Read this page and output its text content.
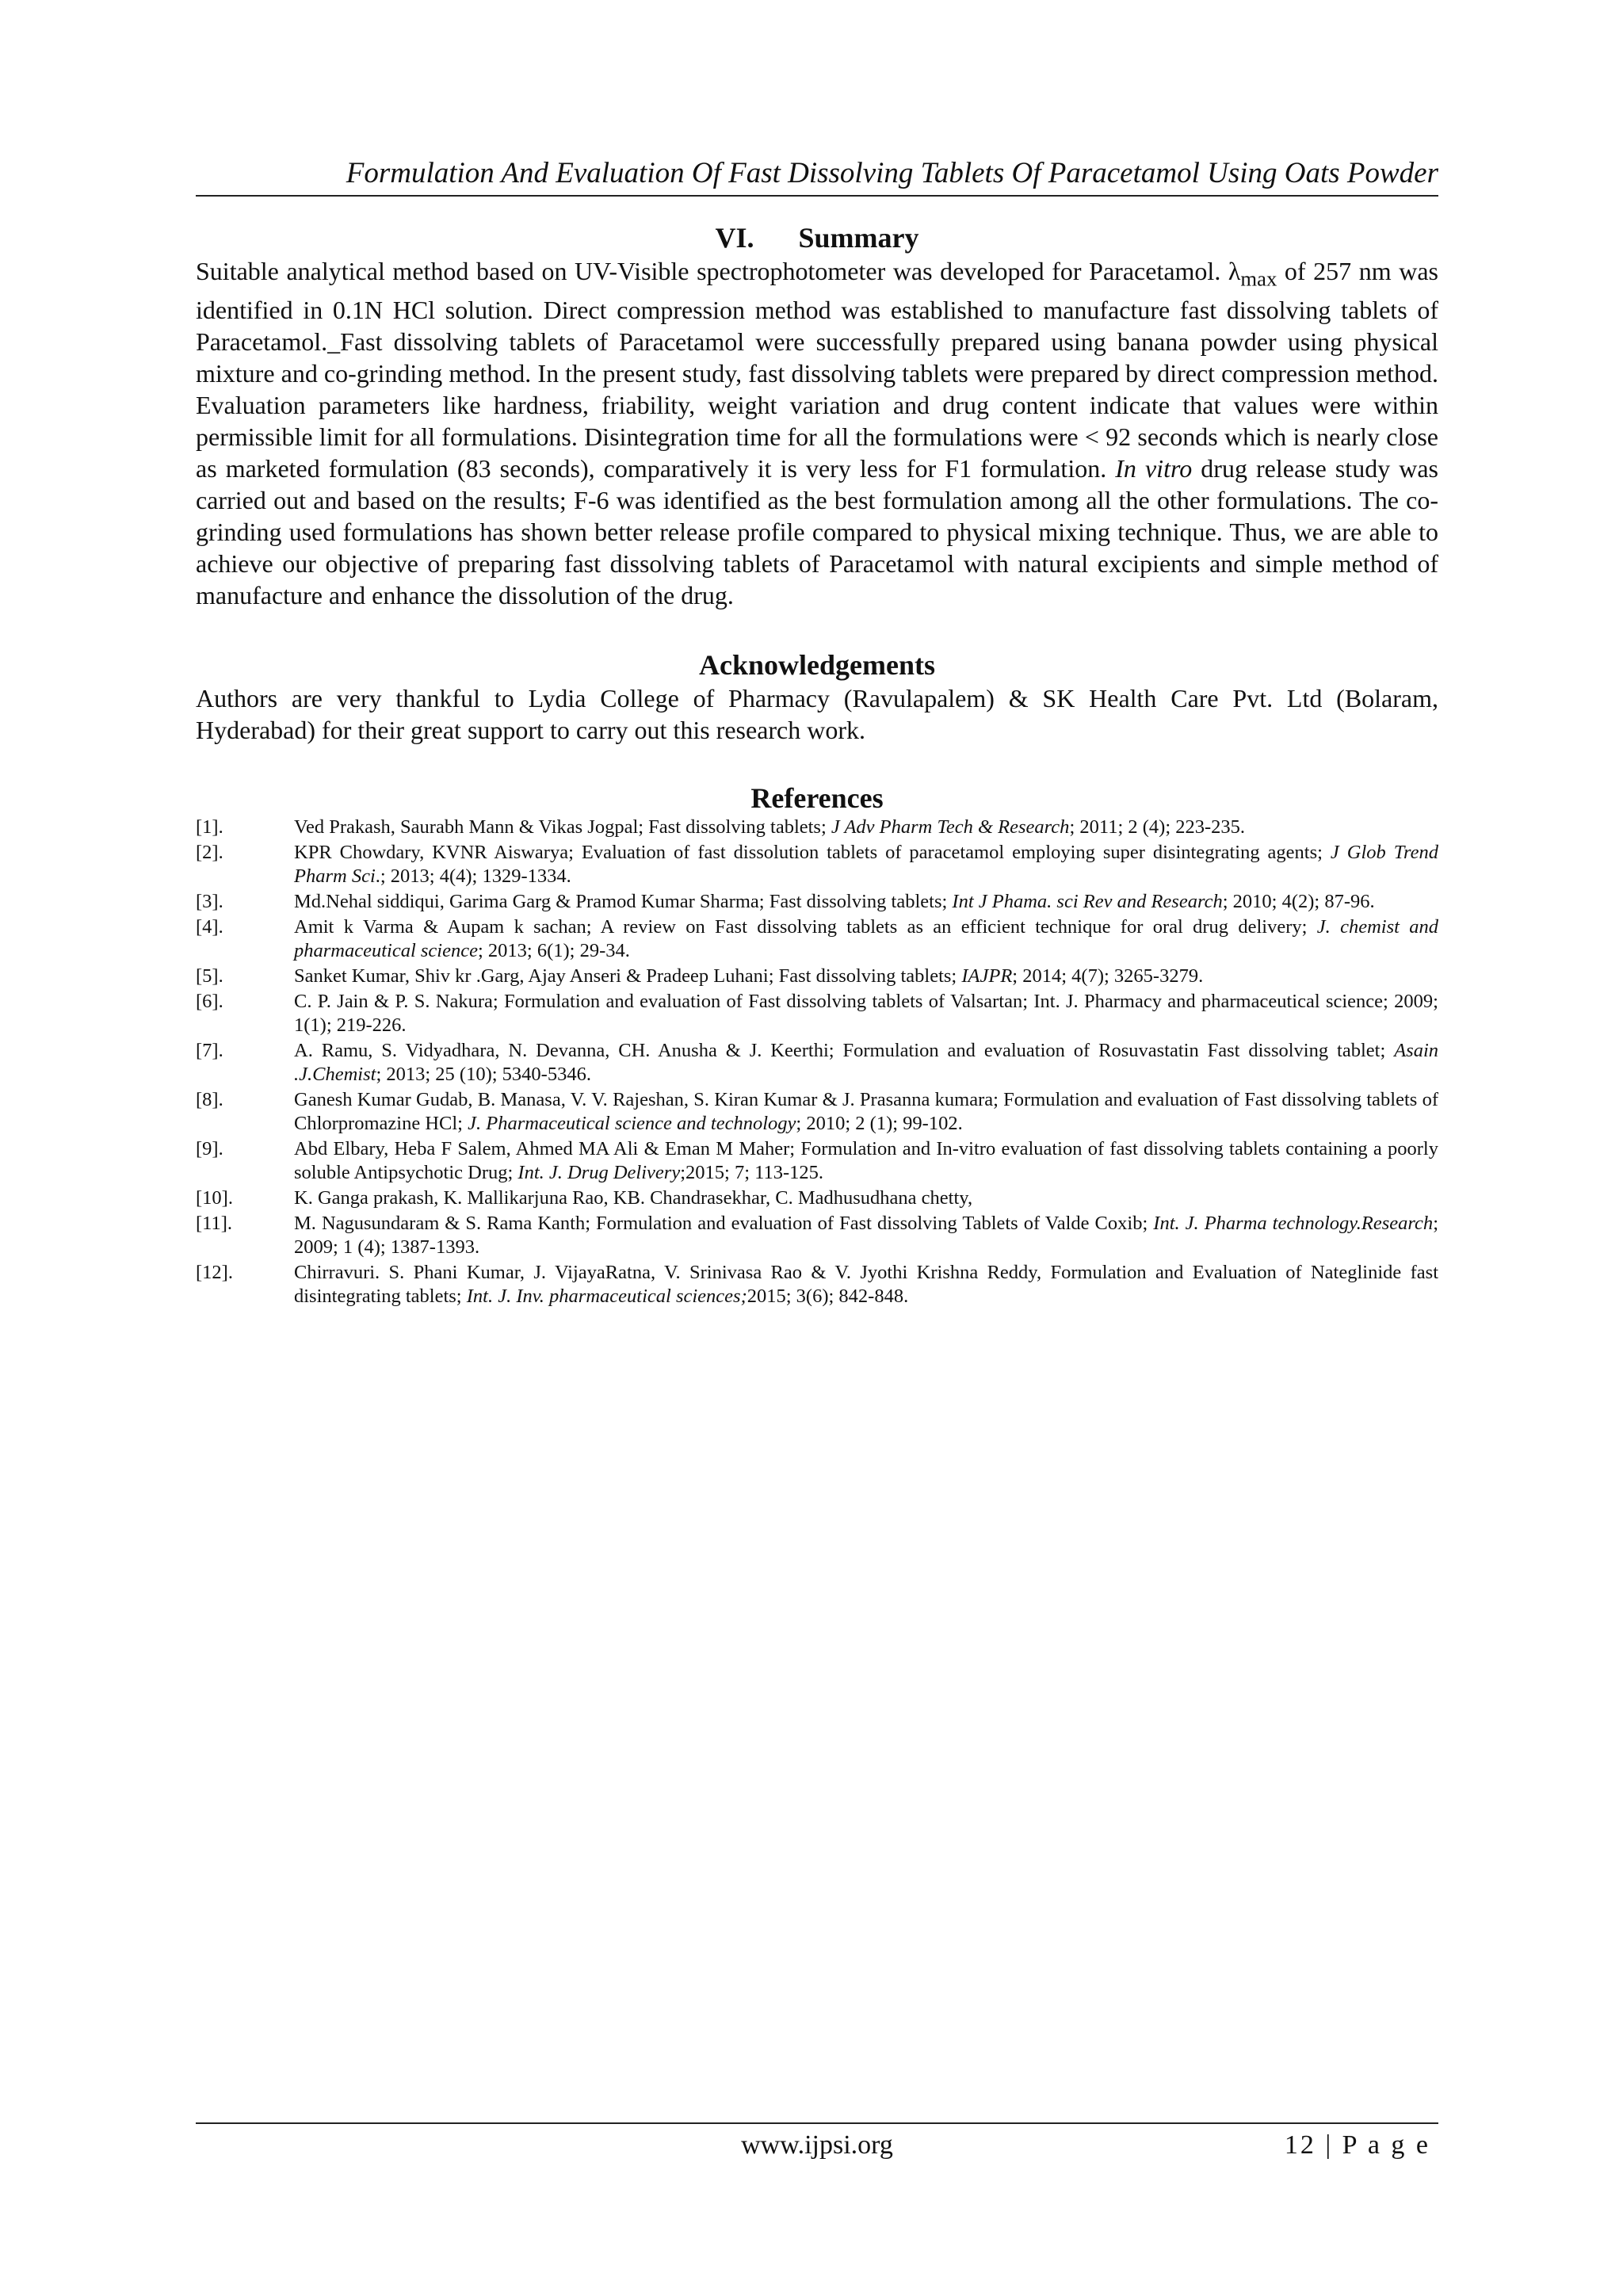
Formulation And Evaluation Of Fast Dissolving Tablets Of Paracetamol Using Oats Powder
VI. Summary

Suitable analytical method based on UV-Visible spectrophotometer was developed for Paracetamol. $\lambda_{max}$ of 257 nm was identified in 0.1N HCl solution. Direct compression method was established to manufacture fast dissolving tablets of Paracetamol._Fast dissolving tablets of Paracetamol were successfully prepared using banana powder using physical mixture and co-grinding method. In the present study, fast dissolving tablets were prepared by direct compression method. Evaluation parameters like hardness, friability, weight variation and drug content indicate that values were within permissible limit for all formulations. Disintegration time for all the formulations were < 92 seconds which is nearly close as marketed formulation (83 seconds), comparatively it is very less for F1 formulation. In vitro drug release study was carried out and based on the results; F-6 was identified as the best formulation among all the other formulations. The co-grinding used formulations has shown better release profile compared to physical mixing technique. Thus, we are able to achieve our objective of preparing fast dissolving tablets of Paracetamol with natural excipients and simple method of manufacture and enhance the dissolution of the drug.

Acknowledgements

Authors are very thankful to Lydia College of Pharmacy (Ravulapalem) & SK Health Care Pvt. Ltd (Bolaram, Hyderabad) for their great support to carry out this research work.

References
[1].	Ved Prakash, Saurabh Mann & Vikas Jogpal; Fast dissolving tablets; J Adv Pharm Tech & Research; 2011; 2 (4); 223-235.
[2].	KPR Chowdary, KVNR Aiswarya; Evaluation of fast dissolution tablets of paracetamol employing super disintegrating agents; J Glob Trend Pharm Sci.; 2013; 4(4); 1329-1334.
[3].	Md.Nehal siddiqui, Garima Garg & Pramod Kumar Sharma; Fast dissolving tablets; Int J Phama. sci Rev and Research; 2010; 4(2); 87-96.
[4].	Amit k Varma & Aupam k sachan; A review on Fast dissolving tablets as an efficient technique for oral drug delivery; J. chemist and pharmaceutical science; 2013; 6(1); 29-34.
[5].	Sanket Kumar, Shiv kr .Garg, Ajay Anseri & Pradeep Luhani; Fast dissolving tablets; IAJPR; 2014; 4(7); 3265-3279.
[6].	C. P. Jain & P. S. Nakura; Formulation and evaluation of Fast dissolving tablets of Valsartan; Int. J. Pharmacy and pharmaceutical science; 2009; 1(1); 219-226.
[7].	A. Ramu, S. Vidyadhara, N. Devanna, CH. Anusha & J. Keerthi; Formulation and evaluation of Rosuvastatin Fast dissolving tablet; Asain .J.Chemist; 2013; 25 (10); 5340-5346.
[8].	Ganesh Kumar Gudab, B. Manasa, V. V. Rajeshan, S. Kiran Kumar & J. Prasanna kumara; Formulation and evaluation of Fast dissolving tablets of Chlorpromazine HCl; J. Pharmaceutical science and technology; 2010; 2 (1); 99-102.
[9].	Abd Elbary, Heba F Salem, Ahmed MA Ali & Eman M Maher; Formulation and In-vitro evaluation of fast dissolving tablets containing a poorly soluble Antipsychotic Drug; Int. J. Drug Delivery;2015; 7; 113-125.
[10].	K. Ganga prakash, K. Mallikarjuna Rao, KB. Chandrasekhar, C. Madhusudhana chetty,
[11].	M. Nagusundaram & S. Rama Kanth; Formulation and evaluation of Fast dissolving Tablets of Valde Coxib; Int. J. Pharma technology.Research; 2009; 1 (4); 1387-1393.
[12].	Chirravuri. S. Phani Kumar, J. VijayaRatna, V. Srinivasa Rao & V. Jyothi Krishna Reddy, Formulation and Evaluation of Nateglinide fast disintegrating tablets; Int. J. Inv. pharmaceutical sciences;2015; 3(6); 842-848.
www.ijpsi.org	12 | P a g e
